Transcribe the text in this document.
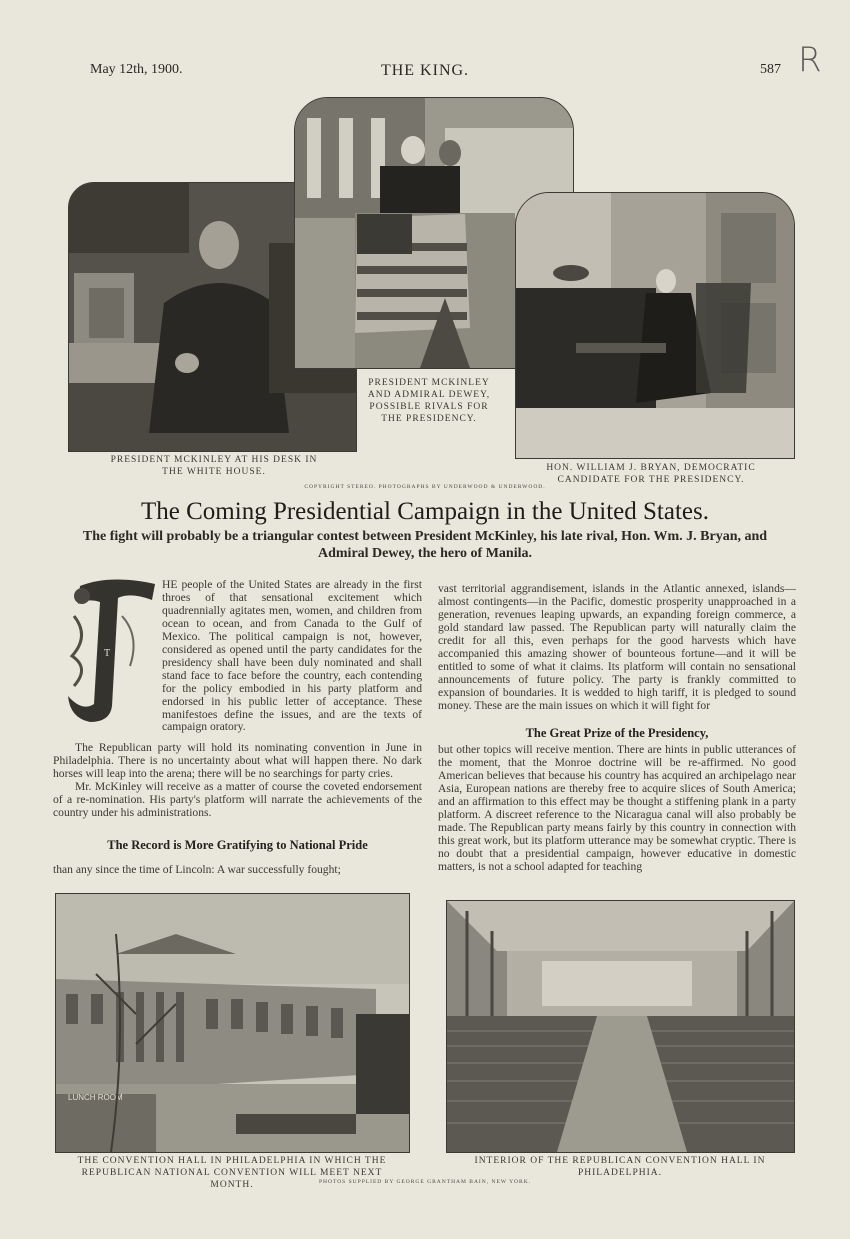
May 12th, 1900.	THE KING.	587 R
PRESIDENT MCKINLEY AT HIS DESK IN THE WHITE HOUSE.
PRESIDENT MCKINLEY AND ADMIRAL DEWEY, POSSIBLE RIVALS FOR THE PRESIDENCY.
HON. WILLIAM J. BRYAN, DEMOCRATIC CANDIDATE FOR THE PRESIDENCY.
COPYRIGHT STEREO. PHOTOGRAPHS BY UNDERWOOD & UNDERWOOD.
The Coming Presidential Campaign in the United States.
The fight will probably be a triangular contest between President McKinley, his late rival, Hon. Wm. J. Bryan, and Admiral Dewey, the hero of Manila.
T

HE people of the United States are already in the first throes of that sensational excitement which quadrennially agitates men, women, and children from ocean to ocean, and from Canada to the Gulf of Mexico. The political campaign is not, however, considered as opened until the party candidates for the presidency shall have been duly nominated and shall stand face to face before the country, each contending for the policy embodied in his party platform and endorsed in his public letter of acceptance. These manifestoes define the issues, and are the texts of campaign oratory.

The Republican party will hold its nominating convention in June in Philadelphia. There is no uncertainty about what will happen there. No dark horses will leap into the arena; there will be no searchings for party cries.

Mr. McKinley will receive as a matter of course the coveted endorsement of a re-nomination. His party's platform will narrate the achievements of the country under his administrations.

The Record is More Gratifying to National Pride

than any since the time of Lincoln: A war successfully fought;

vast territorial aggrandisement, islands in the Atlantic annexed, islands—almost contingents—in the Pacific, domestic prosperity unapproached in a generation, revenues leaping upwards, an expanding foreign commerce, a gold standard law passed. The Republican party will naturally claim the credit for all this, even perhaps for the good harvests which have accompanied this amazing shower of bounteous fortune—and it will be entitled to some of what it claims. Its platform will contain no sensational announcements of future policy. The party is frankly committed to expansion of boundaries. It is wedded to high tariff, it is pledged to sound money. These are the main issues on which it will fight for

The Great Prize of the Presidency,

but other topics will receive mention. There are hints in public utterances of the moment, that the Monroe doctrine will be re-affirmed. No good American believes that because his country has acquired an archipelago near Asia, European nations are thereby free to acquire slices of South America; and an affirmation to this effect may be thought a stiffening plank in a party platform. A discreet reference to the Nicaragua canal will also probably be made. The Republican party means fairly by this country in connection with this great work, but its platform utterance may be somewhat cryptic. There is no doubt that a presidential campaign, however educative in domestic matters, is not a school adapted for teaching

LUNCH ROOM
THE CONVENTION HALL IN PHILADELPHIA IN WHICH THE REPUBLICAN NATIONAL CONVENTION WILL MEET NEXT MONTH.
INTERIOR OF THE REPUBLICAN CONVENTION HALL IN PHILADELPHIA.
PHOTOS SUPPLIED BY GEORGE GRANTHAM BAIN, NEW YORK.
